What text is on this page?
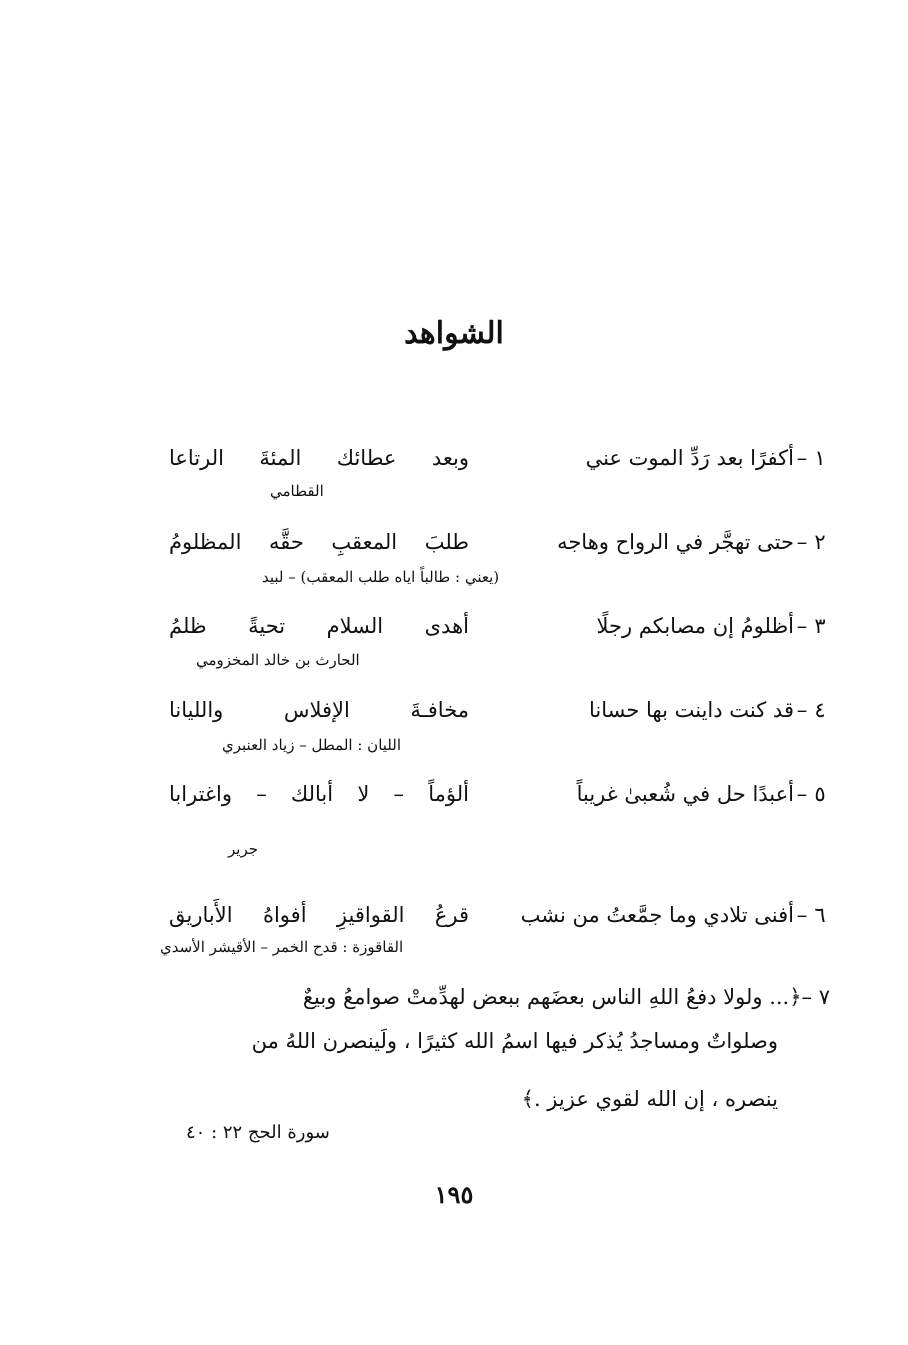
الشواهد
١–أكفرًا بعد رَدِّ الموت عنيوبعد عطائك المئةَ الرتاعا
القطامي
٢–حتى تهجَّر في الرواح وهاجهطلبَ المعقبِ حقَّه المظلومُ
(يعني : طالباً اياه طلب المعقب) – لبيد
٣–أظلومُ إن مصابكم رجلًاأهدى السلام تحيةً ظلمُ
الحارث بن خالد المخزومي
٤–قد كنت داينت بها حسانامخافـةَ الإفلاس والليانا
الليان : المطل – زياد العنبري
٥–أعبدًا حل في شُعبىٰ غريباًألؤماً – لا أبالك – واغترابا
جرير
٦–أفنى تلادي وما جمَّعتُ من نشبقرعُ القواقيزِ أفواهُ الأَباريق
القاقوزة : قدح الخمر – الأقيشر الأسدي
٧ –﴿... ولولا دفعُ اللهِ الناس بعضَهم ببعض لهدِّمتْ صوامعُ وبيعٌ
وصلواتٌ ومساجدُ يُذكر فيها اسمُ الله كثيرًا ، ولَينصرن اللهُ من
ينصره ، إن الله لقوي عزيز .﴾
سورة الحج ٢٢ : ٤٠
١٩٥
